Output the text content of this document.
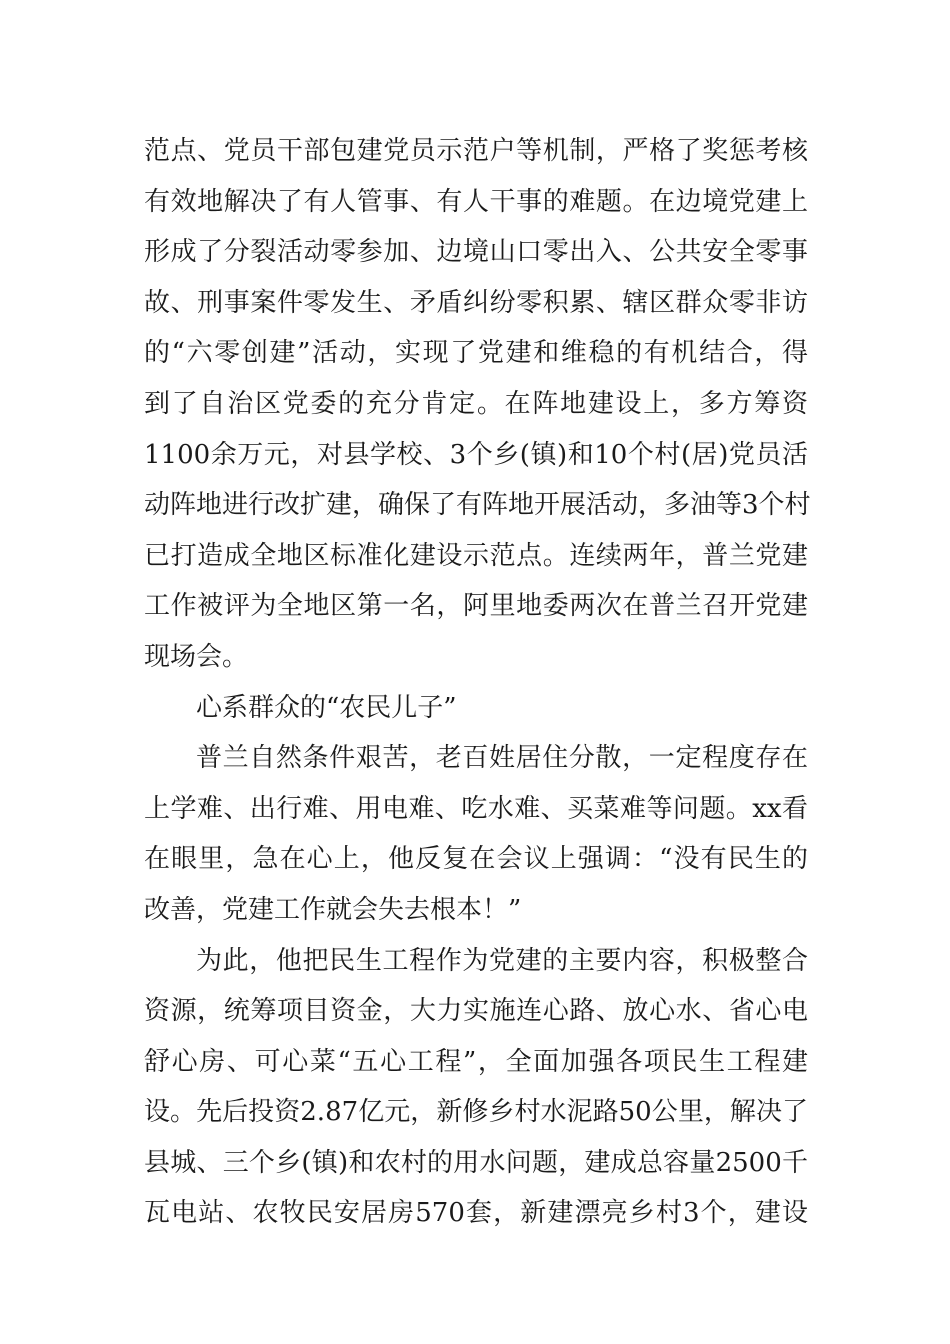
范点、党员干部包建党员示范户等机制，严格了奖惩考核
有效地解决了有人管事、有人干事的难题。在边境党建上
形成了分裂活动零参加、边境山口零出入、公共安全零事
故、刑事案件零发生、矛盾纠纷零积累、辖区群众零非访
的“六零创建”活动，实现了党建和维稳的有机结合，得
到了自治区党委的充分肯定。在阵地建设上，多方筹资
1100余万元，对县学校、3个乡(镇)和10个村(居)党员活
动阵地进行改扩建，确保了有阵地开展活动，多油等3个村
已打造成全地区标准化建设示范点。连续两年，普兰党建
工作被评为全地区第一名，阿里地委两次在普兰召开党建
现场会。
心系群众的“农民儿子”
普兰自然条件艰苦，老百姓居住分散，一定程度存在
上学难、出行难、用电难、吃水难、买菜难等问题。xx看
在眼里，急在心上，他反复在会议上强调：“没有民生的
改善，党建工作就会失去根本！”
为此，他把民生工程作为党建的主要内容，积极整合
资源，统筹项目资金，大力实施连心路、放心水、省心电
舒心房、可心菜“五心工程”，全面加强各项民生工程建
设。先后投资2.87亿元，新修乡村水泥路50公里，解决了
县城、三个乡(镇)和农村的用水问题，建成总容量2500千
瓦电站、农牧民安居房570套，新建漂亮乡村3个，建设
